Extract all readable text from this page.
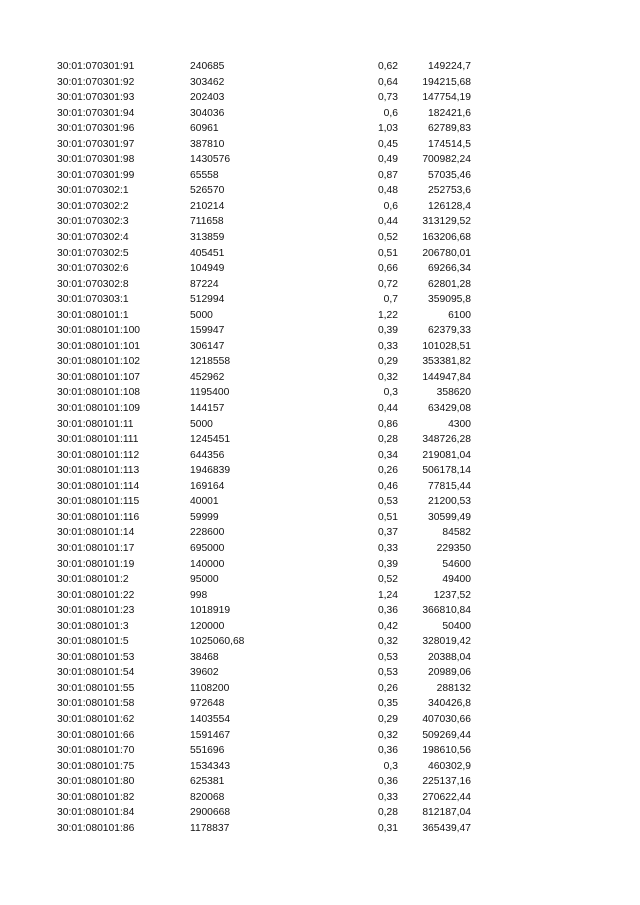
30:01:070301:91	240685	0,62	149224,7
30:01:070301:92	303462	0,64	194215,68
30:01:070301:93	202403	0,73	147754,19
30:01:070301:94	304036	0,6	182421,6
30:01:070301:96	60961	1,03	62789,83
30:01:070301:97	387810	0,45	174514,5
30:01:070301:98	1430576	0,49	700982,24
30:01:070301:99	65558	0,87	57035,46
30:01:070302:1	526570	0,48	252753,6
30:01:070302:2	210214	0,6	126128,4
30:01:070302:3	711658	0,44	313129,52
30:01:070302:4	313859	0,52	163206,68
30:01:070302:5	405451	0,51	206780,01
30:01:070302:6	104949	0,66	69266,34
30:01:070302:8	87224	0,72	62801,28
30:01:070303:1	512994	0,7	359095,8
30:01:080101:1	5000	1,22	6100
30:01:080101:100	159947	0,39	62379,33
30:01:080101:101	306147	0,33	101028,51
30:01:080101:102	1218558	0,29	353381,82
30:01:080101:107	452962	0,32	144947,84
30:01:080101:108	1195400	0,3	358620
30:01:080101:109	144157	0,44	63429,08
30:01:080101:11	5000	0,86	4300
30:01:080101:111	1245451	0,28	348726,28
30:01:080101:112	644356	0,34	219081,04
30:01:080101:113	1946839	0,26	506178,14
30:01:080101:114	169164	0,46	77815,44
30:01:080101:115	40001	0,53	21200,53
30:01:080101:116	59999	0,51	30599,49
30:01:080101:14	228600	0,37	84582
30:01:080101:17	695000	0,33	229350
30:01:080101:19	140000	0,39	54600
30:01:080101:2	95000	0,52	49400
30:01:080101:22	998	1,24	1237,52
30:01:080101:23	1018919	0,36	366810,84
30:01:080101:3	120000	0,42	50400
30:01:080101:5	1025060,68	0,32	328019,42
30:01:080101:53	38468	0,53	20388,04
30:01:080101:54	39602	0,53	20989,06
30:01:080101:55	1108200	0,26	288132
30:01:080101:58	972648	0,35	340426,8
30:01:080101:62	1403554	0,29	407030,66
30:01:080101:66	1591467	0,32	509269,44
30:01:080101:70	551696	0,36	198610,56
30:01:080101:75	1534343	0,3	460302,9
30:01:080101:80	625381	0,36	225137,16
30:01:080101:82	820068	0,33	270622,44
30:01:080101:84	2900668	0,28	812187,04
30:01:080101:86	1178837	0,31	365439,47
